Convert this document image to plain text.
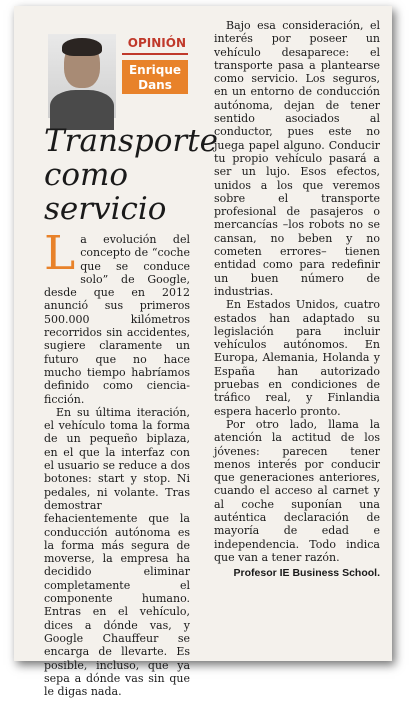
OPINIÓN
Enrique
Dans
Transporte
como
servicio

La evolución del concepto de “coche que se conduce solo” de Google, desde que en 2012 anunció sus primeros 500.000 kilómetros recorridos sin accidentes, sugiere claramente un futuro que no hace mucho tiempo habríamos definido como ciencia-ficción.

En su última iteración, el vehículo toma la forma de un pequeño biplaza, en el que la interfaz con el usuario se reduce a dos botones: start y stop. Ni pedales, ni volante. Tras demostrar fehacientemente que la conducción autónoma es la forma más segura de moverse, la empresa ha decidido eliminar completamente el componente humano. Entras en el vehículo, dices a dónde vas, y Google Chauffeur se encarga de llevarte. Es posible, incluso, que ya sepa a dónde vas sin que le digas nada.

Bajo esa consideración, el interés por poseer un vehículo desaparece: el transporte pasa a plantearse como servicio. Los seguros, en un entorno de conducción autónoma, dejan de tener sentido asociados al conductor, pues este no juega papel alguno. Conducir tu propio vehículo pasará a ser un lujo. Esos efectos, unidos a los que veremos sobre el transporte profesional de pasajeros o mercancías –los robots no se cansan, no beben y no cometen errores– tienen entidad como para redefinir un buen número de industrias.

En Estados Unidos, cuatro estados han adaptado su legislación para incluir vehículos autónomos. En Europa, Alemania, Holanda y España han autorizado pruebas en condiciones de tráfico real, y Finlandia espera hacerlo pronto.

Por otro lado, llama la atención la actitud de los jóvenes: parecen tener menos interés por conducir que generaciones anteriores, cuando el acceso al carnet y al coche suponían una auténtica declaración de mayoría de edad e independencia. Todo indica que van a tener razón.

Profesor IE Business School.
